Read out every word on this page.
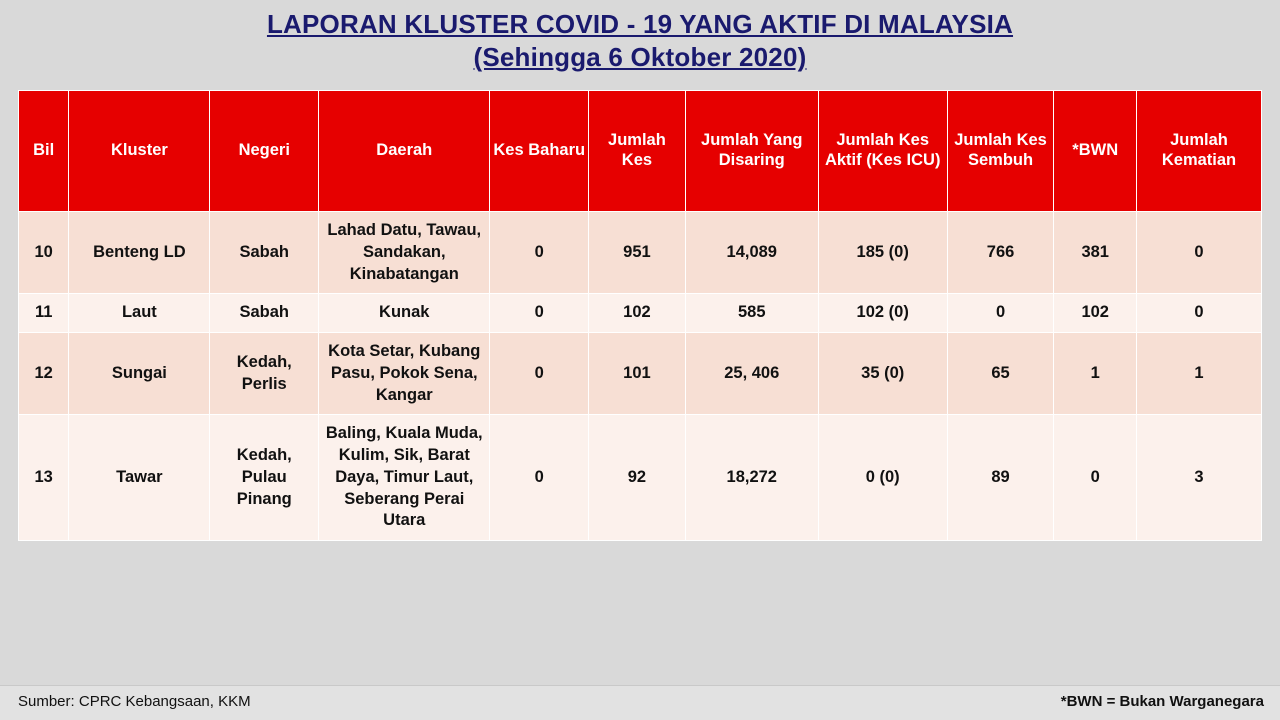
LAPORAN KLUSTER COVID - 19 YANG AKTIF DI MALAYSIA
(Sehingga 6 Oktober 2020)
Bil	Kluster	Negeri	Daerah	Kes Baharu	Jumlah Kes	Jumlah Yang Disaring	Jumlah Kes Aktif (Kes ICU)	Jumlah Kes Sembuh	*BWN	Jumlah Kematian
10	Benteng LD	Sabah	Lahad Datu, Tawau, Sandakan, Kinabatangan	0	951	14,089	185 (0)	766	381	0
11	Laut	Sabah	Kunak	0	102	585	102 (0)	0	102	0
12	Sungai	Kedah, Perlis	Kota Setar, Kubang Pasu, Pokok Sena, Kangar	0	101	25, 406	35 (0)	65	1	1
13	Tawar	Kedah, Pulau Pinang	Baling, Kuala Muda, Kulim, Sik, Barat Daya, Timur Laut, Seberang Perai Utara	0	92	18,272	0 (0)	89	0	3
Sumber: CPRC Kebangsaan, KKM	*BWN = Bukan Warganegara
